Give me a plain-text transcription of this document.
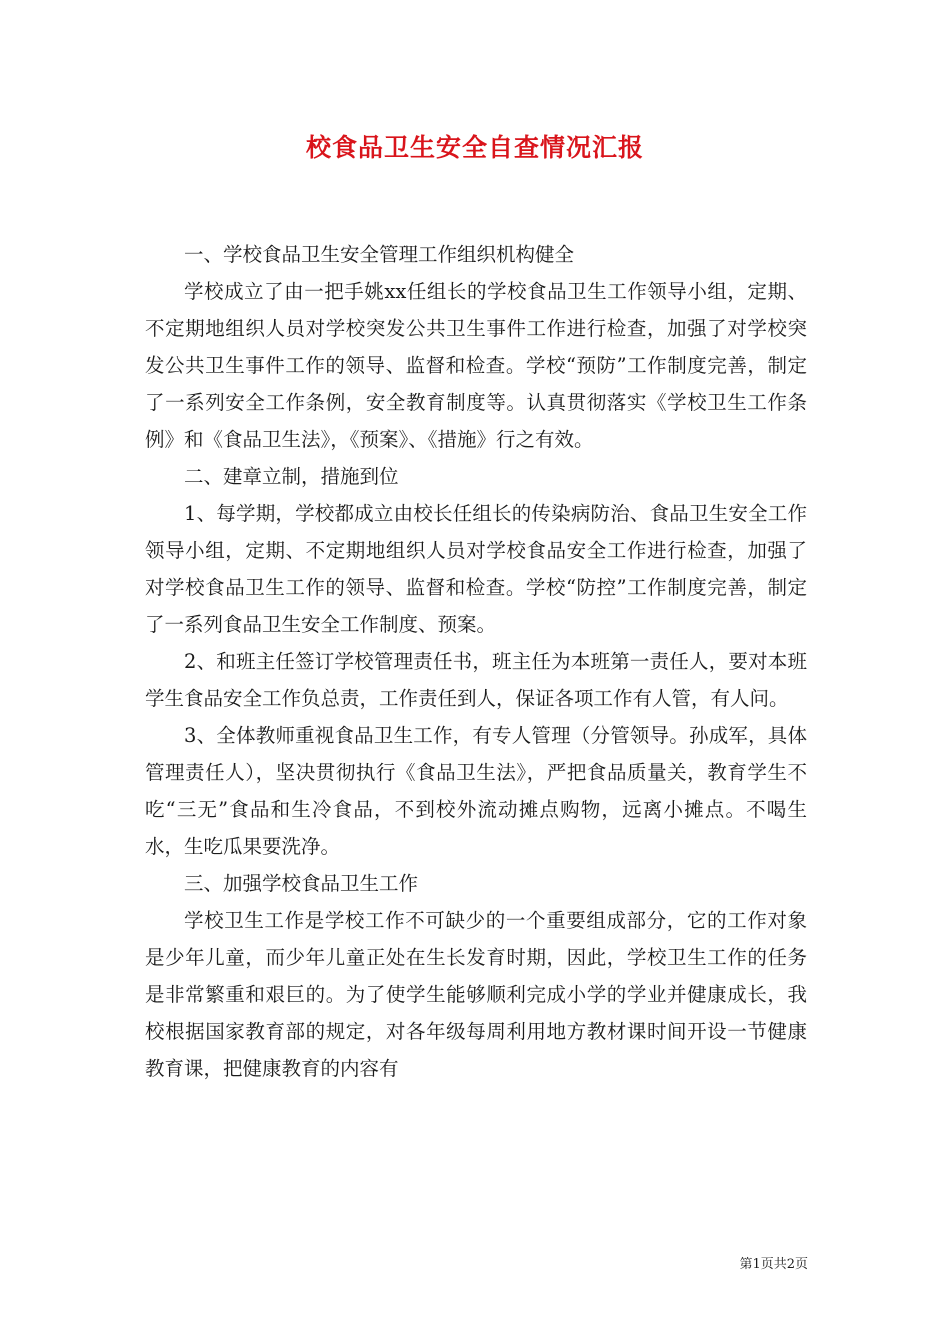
校食品卫生安全自查情况汇报

一、学校食品卫生安全管理工作组织机构健全

学校成立了由一把手姚xx任组长的学校食品卫生工作领导小组，定期、不定期地组织人员对学校突发公共卫生事件工作进行检查，加强了对学校突发公共卫生事件工作的领导、监督和检查。学校“预防”工作制度完善，制定了一系列安全工作条例，安全教育制度等。认真贯彻落实《学校卫生工作条例》和《食品卫生法》，《预案》、《措施》行之有效。

二、建章立制，措施到位

1、每学期，学校都成立由校长任组长的传染病防治、食品卫生安全工作领导小组，定期、不定期地组织人员对学校食品安全工作进行检查，加强了对学校食品卫生工作的领导、监督和检查。学校“防控”工作制度完善，制定了一系列食品卫生安全工作制度、预案。

2、和班主任签订学校管理责任书，班主任为本班第一责任人，要对本班学生食品安全工作负总责，工作责任到人，保证各项工作有人管，有人问。

3、全体教师重视食品卫生工作，有专人管理（分管领导。孙成军，具体管理责任人），坚决贯彻执行《食品卫生法》，严把食品质量关，教育学生不吃“三无”食品和生冷食品，不到校外流动摊点购物，远离小摊点。不喝生水，生吃瓜果要洗净。

三、加强学校食品卫生工作

学校卫生工作是学校工作不可缺少的一个重要组成部分，它的工作对象是少年儿童，而少年儿童正处在生长发育时期，因此，学校卫生工作的任务是非常繁重和艰巨的。为了使学生能够顺利完成小学的学业并健康成长，我校根据国家教育部的规定，对各年级每周利用地方教材课时间开设一节健康教育课，把健康教育的内容有

第1页共2页
